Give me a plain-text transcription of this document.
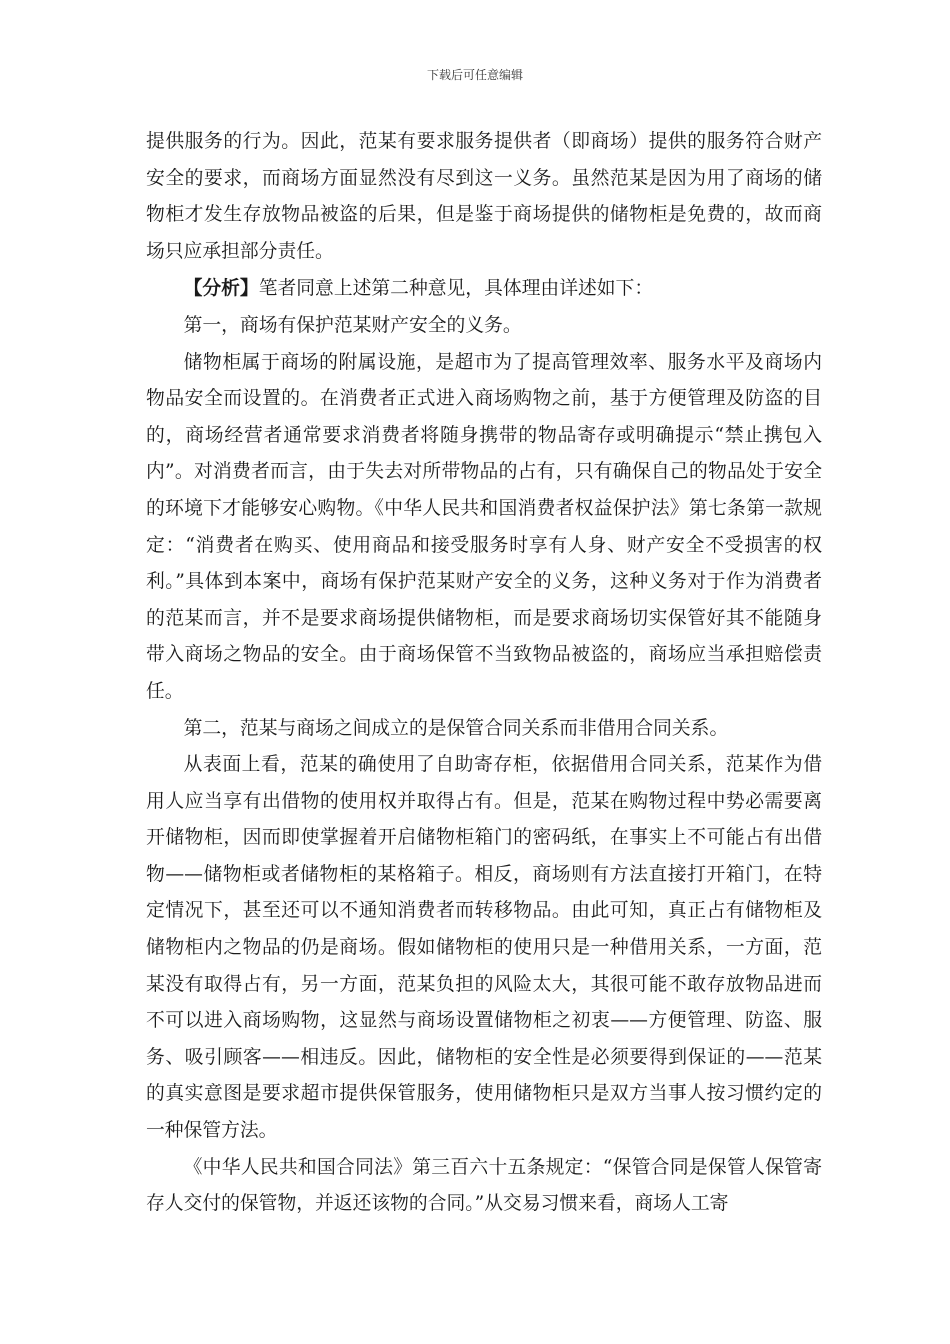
下载后可任意编辑

提供服务的行为。因此，范某有要求服务提供者（即商场）提供的服务符合财产安全的要求，而商场方面显然没有尽到这一义务。虽然范某是因为用了商场的储物柜才发生存放物品被盗的后果，但是鉴于商场提供的储物柜是免费的，故而商场只应承担部分责任。

【分析】笔者同意上述第二种意见，具体理由详述如下：

第一，商场有保护范某财产安全的义务。

储物柜属于商场的附属设施，是超市为了提高管理效率、服务水平及商场内物品安全而设置的。在消费者正式进入商场购物之前，基于方便管理及防盗的目的，商场经营者通常要求消费者将随身携带的物品寄存或明确提示“禁止携包入内”。对消费者而言，由于失去对所带物品的占有，只有确保自己的物品处于安全的环境下才能够安心购物。《中华人民共和国消费者权益保护法》第七条第一款规定：“消费者在购买、使用商品和接受服务时享有人身、财产安全不受损害的权利。”具体到本案中，商场有保护范某财产安全的义务，这种义务对于作为消费者的范某而言，并不是要求商场提供储物柜，而是要求商场切实保管好其不能随身带入商场之物品的安全。由于商场保管不当致物品被盗的，商场应当承担赔偿责任。

第二，范某与商场之间成立的是保管合同关系而非借用合同关系。

从表面上看，范某的确使用了自助寄存柜，依据借用合同关系，范某作为借用人应当享有出借物的使用权并取得占有。但是，范某在购物过程中势必需要离开储物柜，因而即使掌握着开启储物柜箱门的密码纸，在事实上不可能占有出借物——储物柜或者储物柜的某格箱子。相反，商场则有方法直接打开箱门，在特定情况下，甚至还可以不通知消费者而转移物品。由此可知，真正占有储物柜及储物柜内之物品的仍是商场。假如储物柜的使用只是一种借用关系，一方面，范某没有取得占有，另一方面，范某负担的风险太大，其很可能不敢存放物品进而不可以进入商场购物，这显然与商场设置储物柜之初衷——方便管理、防盗、服务、吸引顾客——相违反。因此，储物柜的安全性是必须要得到保证的——范某的真实意图是要求超市提供保管服务，使用储物柜只是双方当事人按习惯约定的一种保管方法。

《中华人民共和国合同法》第三百六十五条规定：“保管合同是保管人保管寄存人交付的保管物，并返还该物的合同。”从交易习惯来看，商场人工寄
